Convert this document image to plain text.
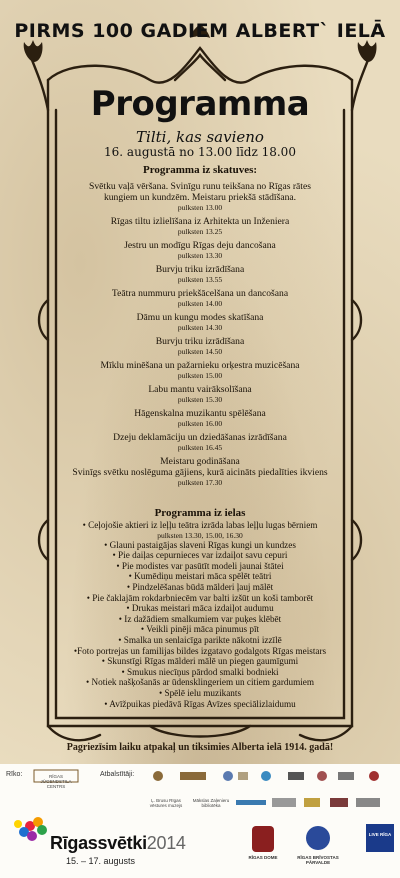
PIRMS 100 GADIEM ALBERT` IELĀ
Programma
Tilti, kas savieno
16. augustā no 13.00 līdz 18.00
Programma iz skatuves:
Svētku vaļā vēršana. Svinīgu runu teikšana no Rīgas rātes kungiem un kundzēm. Meistaru priekšā stādīšana.
pulksten 13.00
Rīgas tiltu izlielīšana iz Arhitekta un Inženiera
pulksten 13.25
Jestru un modīgu Rīgas deju dancošana
pulksten 13.30
Burvju triku izrādīšana
pulksten 13.55
Teātra nummuru priekšācelšana un dancošana
pulksten 14.00
Dāmu un kungu modes skatīšana
pulksten 14.30
Burvju triku izrādīšana
pulksten 14.50
Mīklu minēšana un pažarnieku orķestra muzicēšana
pulksten 15.00
Labu mantu vairāksolīšana
pulksten 15.30
Hāgenskalna muzikantu spēlēšana
pulksten 16.00
Dzeju deklamāciju un dziedāšanas izrādīšana
pulksten 16.45
Meistaru godināšana
Svinīgs svētku noslēguma gājiens, kurā aicināts piedalīties ikviens
pulksten 17.30
Programma iz ielas
• Ceļojošie aktieri iz leļļu teātra izrāda labas leļļu lugas bērniem
pulksten 13.30, 15.00, 16.30
• Glauni pastaigājas slaveni Rīgas kungi un kundzes
• Pie daiļas cepurnieces var izdaiļot savu cepuri
• Pie modistes var pasūtīt modeli jaunai štātei
• Kumēdiņu meistari māca spēlēt teātri
• Pindzelēšanas būdā mālderi ļauj mālēt
• Pie čaklajām rokdarbniecēm var balti izšūt un koši tamborēt
• Drukas meistari māca izdaiļot audumu
• Iz dažādiem smalkumiem var puķes klēbēt
• Veikli pinēji māca pinumus pīt
• Smalka un senlaicīga parikte nākotni izzīlē
•Foto portrejas un familijas bildes izgatavo godalgots Rīgas meistars
• Skunstīgi Rīgas mālderi mālē un piegen gaumīgumi
• Smukus niecīņus pārdod smalki bodnieki
• Notiek našķošanās ar ūdensklingeriem un citiem gardumiem
• Spēlē ielu muzikants
• Avīžpuikas piedāvā Rīgas Avīzes speciālizlaidumu
Pagriezīsim laiku atpakaļ un tiksimies Alberta ielā 1914. gadā!
Rīko:	RĪGAS JŪGENDSTILA CENTRS
Atbalstītāji:
Ļ. Brusu Rīgas vēstures muzejs
Mākslas Zaļenieru bibliotēka
RĪGAS DOME	RĪGAS BRĪVOSTAS PĀRVALDE
LIVE RĪGA
Rīgassvētki2014
15. – 17. augusts
